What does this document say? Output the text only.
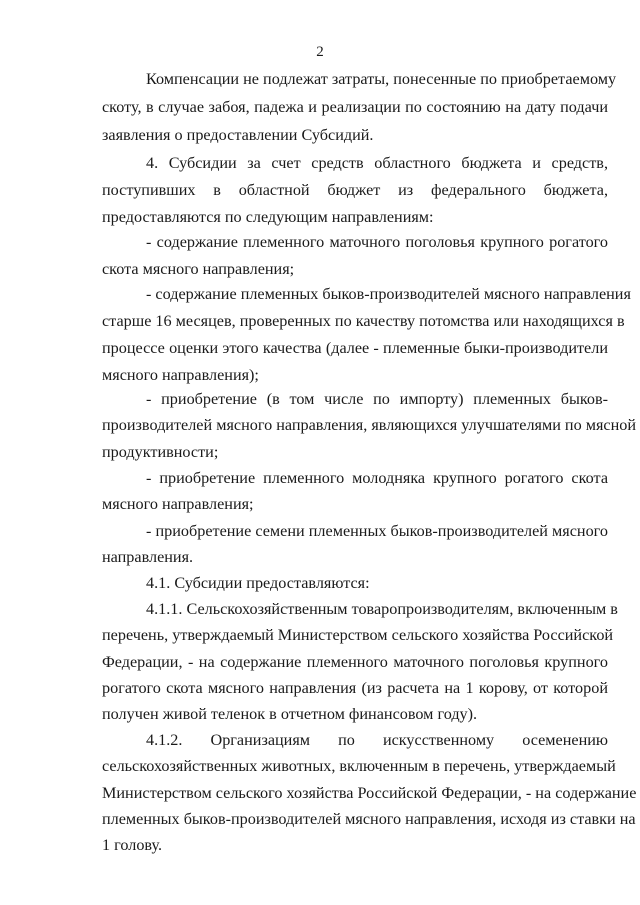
2
Компенсации не подлежат затраты, понесенные по приобретаемому
скоту, в случае забоя, падежа и реализации по состоянию на дату подачи
заявления о предоставлении Субсидий.
4. Субсидии за счет средств областного бюджета и средств,
поступивших в областной бюджет из федерального бюджета,
предоставляются по следующим направлениям:
- содержание племенного маточного поголовья крупного рогатого
скота мясного направления;
- содержание племенных быков-производителей мясного направления
старше 16 месяцев, проверенных по качеству потомства или находящихся в
процессе оценки этого качества (далее - племенные быки-производители
мясного направления);
- приобретение (в том числе по импорту) племенных быков-
производителей мясного направления, являющихся улучшателями по мясной
продуктивности;
- приобретение племенного молодняка крупного рогатого скота
мясного направления;
- приобретение семени племенных быков-производителей мясного
направления.
4.1. Субсидии предоставляются:
4.1.1. Сельскохозяйственным товаропроизводителям, включенным в
перечень, утверждаемый Министерством сельского хозяйства Российской
Федерации, - на содержание племенного маточного поголовья крупного
рогатого скота мясного направления (из расчета на 1 корову, от которой
получен живой теленок в отчетном финансовом году).
4.1.2. Организациям по искусственному осеменению
сельскохозяйственных животных, включенным в перечень, утверждаемый
Министерством сельского хозяйства Российской Федерации, - на содержание
племенных быков-производителей мясного направления, исходя из ставки на
1 голову.
